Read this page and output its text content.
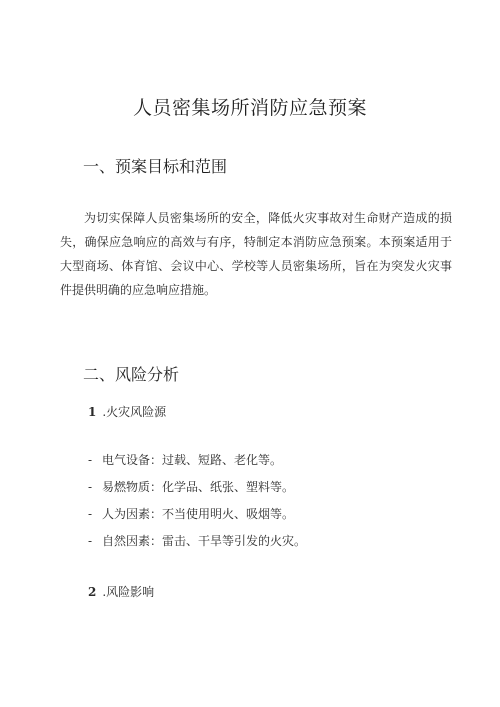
人员密集场所消防应急预案
一、预案目标和范围
为切实保障人员密集场所的安全，降低火灾事故对生命财产造成的损失，确保应急响应的高效与有序，特制定本消防应急预案。本预案适用于大型商场、体育馆、会议中心、学校等人员密集场所，旨在为突发火灾事件提供明确的应急响应措施。
二、风险分析
1 .火灾风险源
- 电气设备：过载、短路、老化等。
- 易燃物质：化学品、纸张、塑料等。
- 人为因素：不当使用明火、吸烟等。
- 自然因素：雷击、干旱等引发的火灾。
2 .风险影响
